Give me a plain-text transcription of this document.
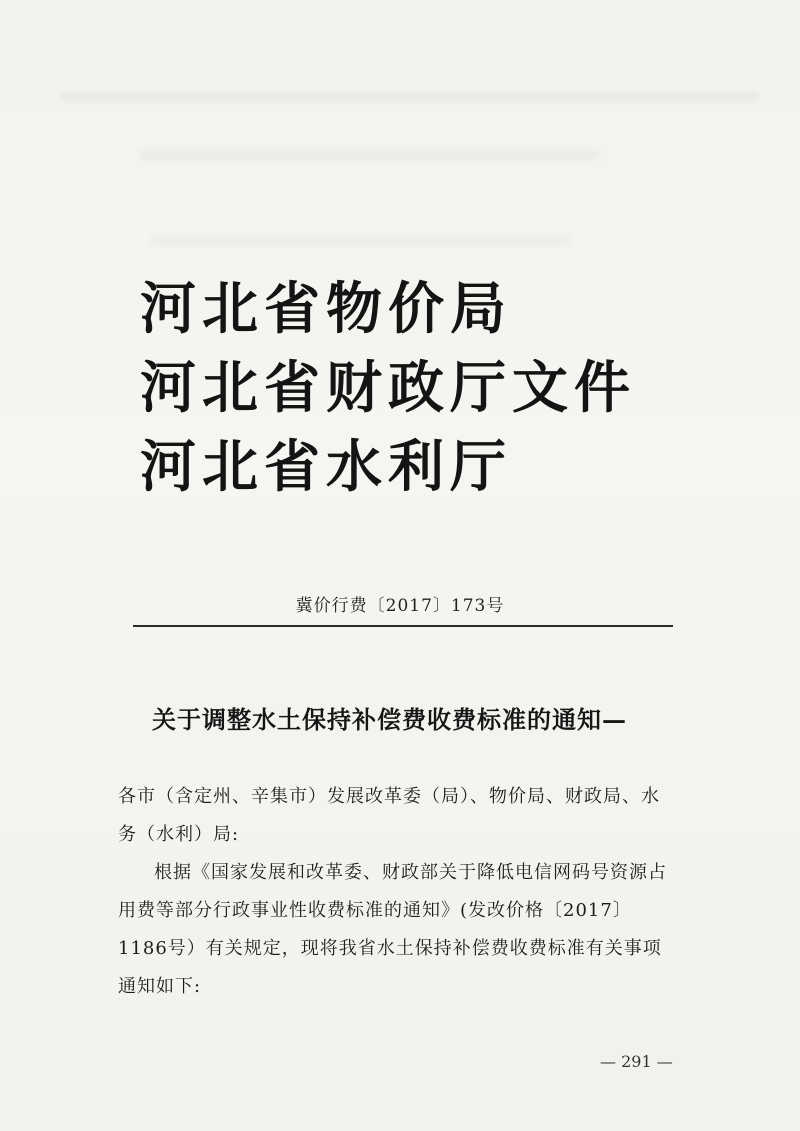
河北省物价局
河北省财政厅文件
河北省水利厅
冀价行费〔2017〕173号
关于调整水土保持补偿费收费标准的通知—

各市（含定州、辛集市）发展改革委（局）、物价局、财政局、水务（水利）局:

根据《国家发展和改革委、财政部关于降低电信网码号资源占用费等部分行政事业性收费标准的通知》(发改价格〔2017〕1186号）有关规定，现将我省水土保持补偿费收费标准有关事项通知如下:

— 291 —
